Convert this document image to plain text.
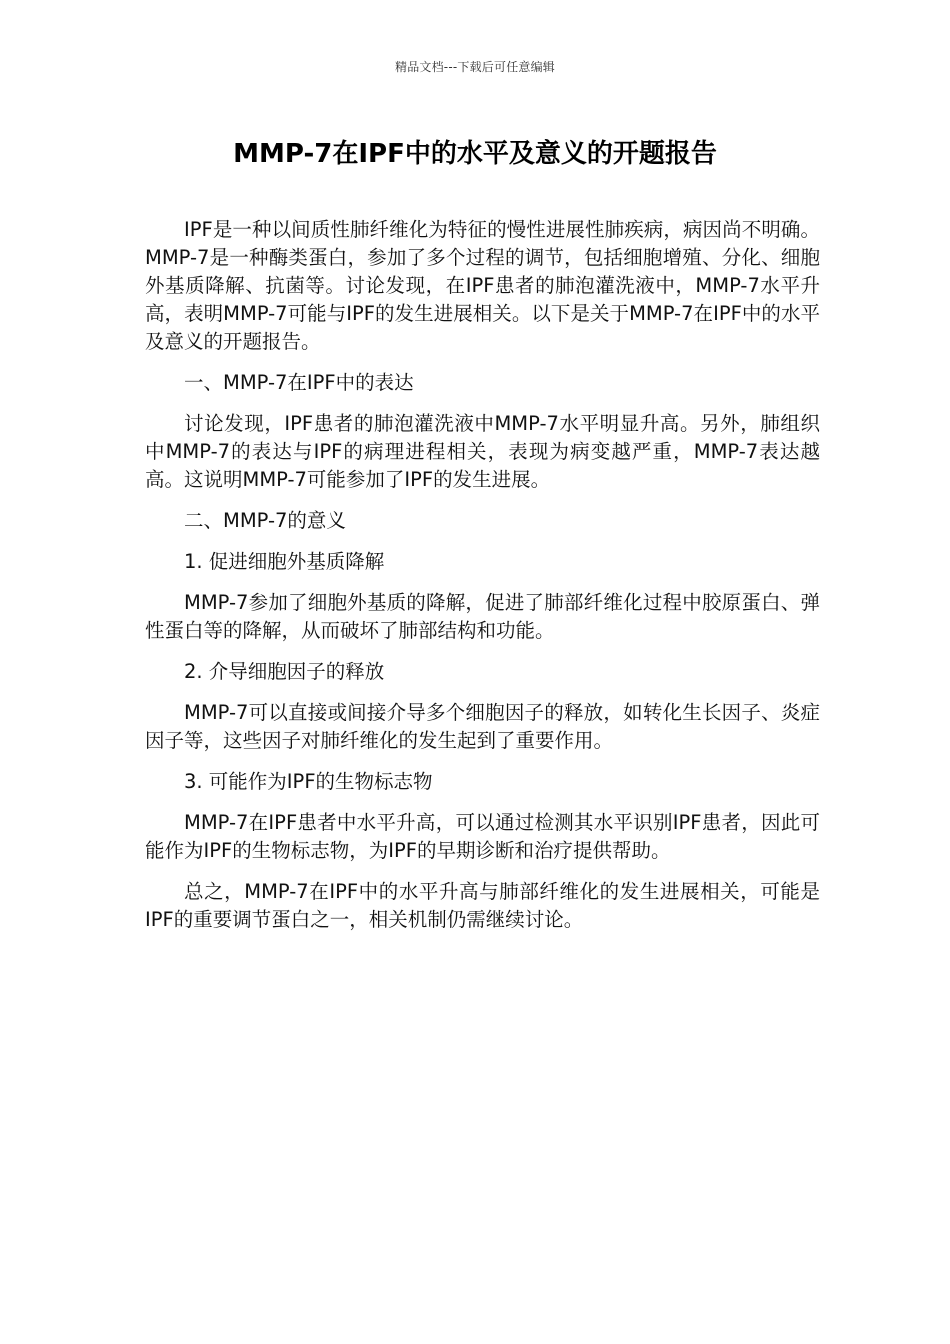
精品文档---下载后可任意编辑
MMP-7在IPF中的水平及意义的开题报告

IPF是一种以间质性肺纤维化为特征的慢性进展性肺疾病，病因尚不明确。MMP-7是一种酶类蛋白，参加了多个过程的调节，包括细胞增殖、分化、细胞外基质降解、抗菌等。讨论发现，在IPF患者的肺泡灌洗液中，MMP-7水平升高，表明MMP-7可能与IPF的发生进展相关。以下是关于MMP-7在IPF中的水平及意义的开题报告。

一、MMP-7在IPF中的表达

讨论发现，IPF患者的肺泡灌洗液中MMP-7水平明显升高。另外，肺组织中MMP-7的表达与IPF的病理进程相关，表现为病变越严重，MMP-7表达越高。这说明MMP-7可能参加了IPF的发生进展。

二、MMP-7的意义

1. 促进细胞外基质降解

MMP-7参加了细胞外基质的降解，促进了肺部纤维化过程中胶原蛋白、弹性蛋白等的降解，从而破坏了肺部结构和功能。

2. 介导细胞因子的释放

MMP-7可以直接或间接介导多个细胞因子的释放，如转化生长因子、炎症因子等，这些因子对肺纤维化的发生起到了重要作用。

3. 可能作为IPF的生物标志物

MMP-7在IPF患者中水平升高，可以通过检测其水平识别IPF患者，因此可能作为IPF的生物标志物，为IPF的早期诊断和治疗提供帮助。

总之，MMP-7在IPF中的水平升高与肺部纤维化的发生进展相关，可能是IPF的重要调节蛋白之一，相关机制仍需继续讨论。
